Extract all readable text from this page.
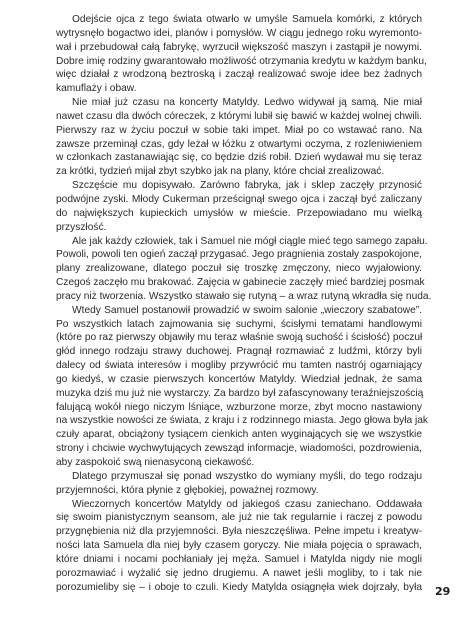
Odejście ojca z tego świata otwarło w umyśle Samuela komórki, z których
wytrysnęło bogactwo idei, planów i pomysłów. W ciągu jednego roku wyremonto-
wał i przebudował całą fabrykę, wyrzucił większość maszyn i zastąpił je nowymi.
Dobre imię rodziny gwarantowało możliwość otrzymania kredytu w każdym banku,
więc działał z wrodzoną beztroską i zaczął realizować swoje idee bez żadnych
kamuflaży i obaw.
Nie miał już czasu na koncerty Matyldy. Ledwo widywał ją samą. Nie miał
nawet czasu dla dwóch córeczek, z którymi lubił się bawić w każdej wolnej chwili.
Pierwszy raz w życiu poczuł w sobie taki impet. Miał po co wstawać rano. Na
zawsze przeminął czas, gdy leżał w łóżku z otwartymi oczyma, z rozleniwieniem
w członkach zastanawiając się, co będzie dziś robił. Dzień wydawał mu się teraz
za krótki, tydzień mijał zbyt szybko jak na plany, które chciał zrealizować.
Szczęście mu dopisywało. Zarówno fabryka, jak i sklep zaczęły przynosić
podwójne zyski. Młody Cukerman prześcignął swego ojca i zaczął być zaliczany
do największych kupieckich umysłów w mieście. Przepowiadano mu wielką
przyszłość.
Ale jak każdy człowiek, tak i Samuel nie mógł ciągle mieć tego samego zapału.
Powoli, powoli ten ogień zaczął przygasać. Jego pragnienia zostały zaspokojone,
plany zrealizowane, dlatego poczuł się troszkę zmęczony, nieco wyjałowiony.
Czegoś zaczęło mu brakować. Zajęcia w gabinecie zaczęły mieć bardziej posmak
pracy niż tworzenia. Wszystko stawało się rutyną – a wraz rutyną wkradła się nuda.
Wtedy Samuel postanowił prowadzić w swoim salonie „wieczory szabatowe”.
Po wszystkich latach zajmowania się suchymi, ścisłymi tematami handlowymi
(które po raz pierwszy objawiły mu teraz właśnie swoją suchość i ścisłość) poczuł
głód innego rodzaju strawy duchowej. Pragnął rozmawiać z ludźmi, którzy byli
dalecy od świata interesów i mogliby przywrócić mu tamten nastrój ogarniający
go kiedyś, w czasie pierwszych koncertów Matyldy. Wiedział jednak, że sama
muzyka dziś mu już nie wystarczy. Za bardzo był zafascynowany teraźniejszością
falującą wokół niego niczym lśniące, wzburzone morze, zbyt mocno nastawiony
na wszystkie nowości ze świata, z kraju i z rodzinnego miasta. Jego głowa była jak
czuły aparat, obciążony tysiącem cienkich anten wyginających się we wszystkie
strony i chciwie wychwytujących zewsząd informacje, wiadomości, pozdrowienia,
aby zaspokoić swą nienasyconą ciekawość.
Dlatego przymuszał się ponad wszystko do wymiany myśli, do tego rodzaju
przyjemności, która płynie z głębokiej, poważnej rozmowy.
Wieczornych koncertów Matyldy od jakiegoś czasu zaniechano. Oddawała
się swoim pianistycznym seansom, ale już nie tak regularnie i raczej z powodu
przygnębienia niż dla przyjemności. Była nieszczęśliwa. Pełne impetu i kreatyw-
ności lata Samuela dla niej były czasem goryczy. Nie miała pojęcia o sprawach,
które dniami i nocami pochłaniały jej męża. Samuel i Matylda nigdy nie mogli
porozmawiać i wyżalić się jedno drugiemu. A nawet jeśli mogliby, to i tak nie
porozumieliby się – i oboje to czuli. Kiedy Matylda osiągnęła wiek dojrzały, była 29
